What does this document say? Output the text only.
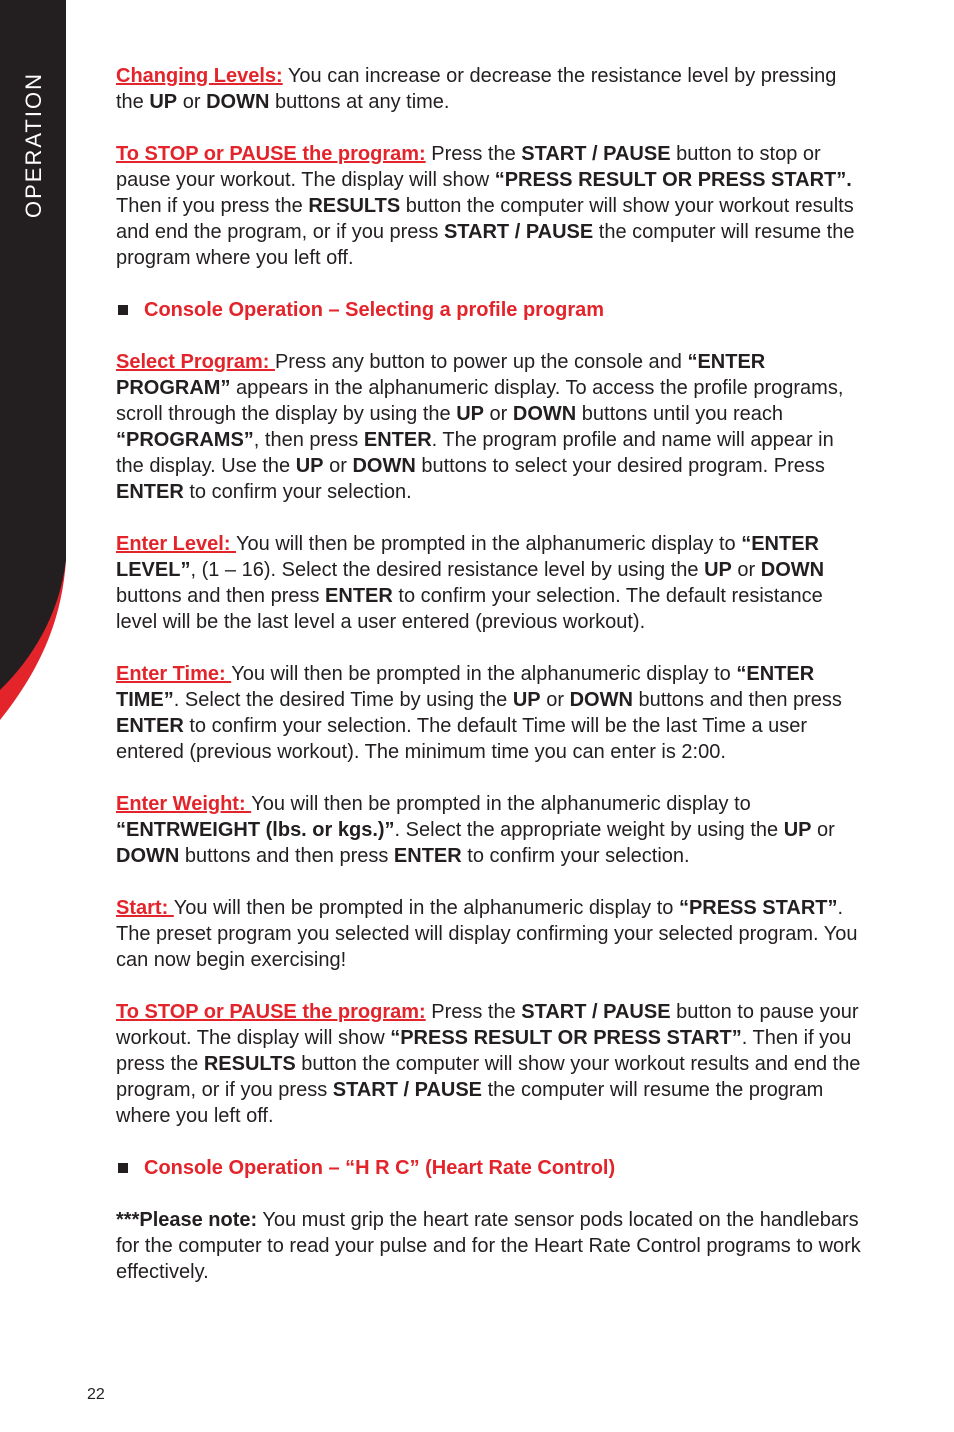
OPERATION	Changing Levels: You can increase or decrease the resistance level by pressing the UP or DOWN buttons at any time.

To STOP or PAUSE the program: Press the START / PAUSE button to stop or pause your workout. The display will show “PRESS RESULT OR PRESS START”. Then if you press the RESULTS button the computer will show your workout results and end the program, or if you press START / PAUSE the computer will resume the program where you left off.

Console Operation – Selecting a profile program

Select Program: Press any button to power up the console and “ENTER PROGRAM” appears in the alphanumeric display. To access the profile programs, scroll through the display by using the UP or DOWN buttons until you reach “PROGRAMS”, then press ENTER. The program profile and name will appear in the display. Use the UP or DOWN buttons to select your desired program. Press ENTER to confirm your selection.

Enter Level: You will then be prompted in the alphanumeric display to “ENTER LEVEL”, (1 – 16). Select the desired resistance level by using the UP or DOWN buttons and then press ENTER to confirm your selection. The default resistance level will be the last level a user entered (previous workout).

Enter Time: You will then be prompted in the alphanumeric display to “ENTER TIME”. Select the desired Time by using the UP or DOWN buttons and then press ENTER to confirm your selection. The default Time will be the last Time a user entered (previous workout). The minimum time you can enter is 2:00.

Enter Weight: You will then be prompted in the alphanumeric display to “ENTRWEIGHT (lbs. or kgs.)”. Select the appropriate weight by using the UP or DOWN buttons and then press ENTER to confirm your selection.

Start: You will then be prompted in the alphanumeric display to “PRESS START”. The preset program you selected will display confirming your selected program. You can now begin exercising!

To STOP or PAUSE the program: Press the START / PAUSE button to pause your workout. The display will show “PRESS RESULT OR PRESS START”. Then if you press the RESULTS button the computer will show your workout results and end the program, or if you press START / PAUSE the computer will resume the program where you left off.

Console Operation – “H R C” (Heart Rate Control)

***Please note: You must grip the heart rate sensor pods located on the handlebars for the computer to read your pulse and for the Heart Rate Control programs to work effectively.

22
